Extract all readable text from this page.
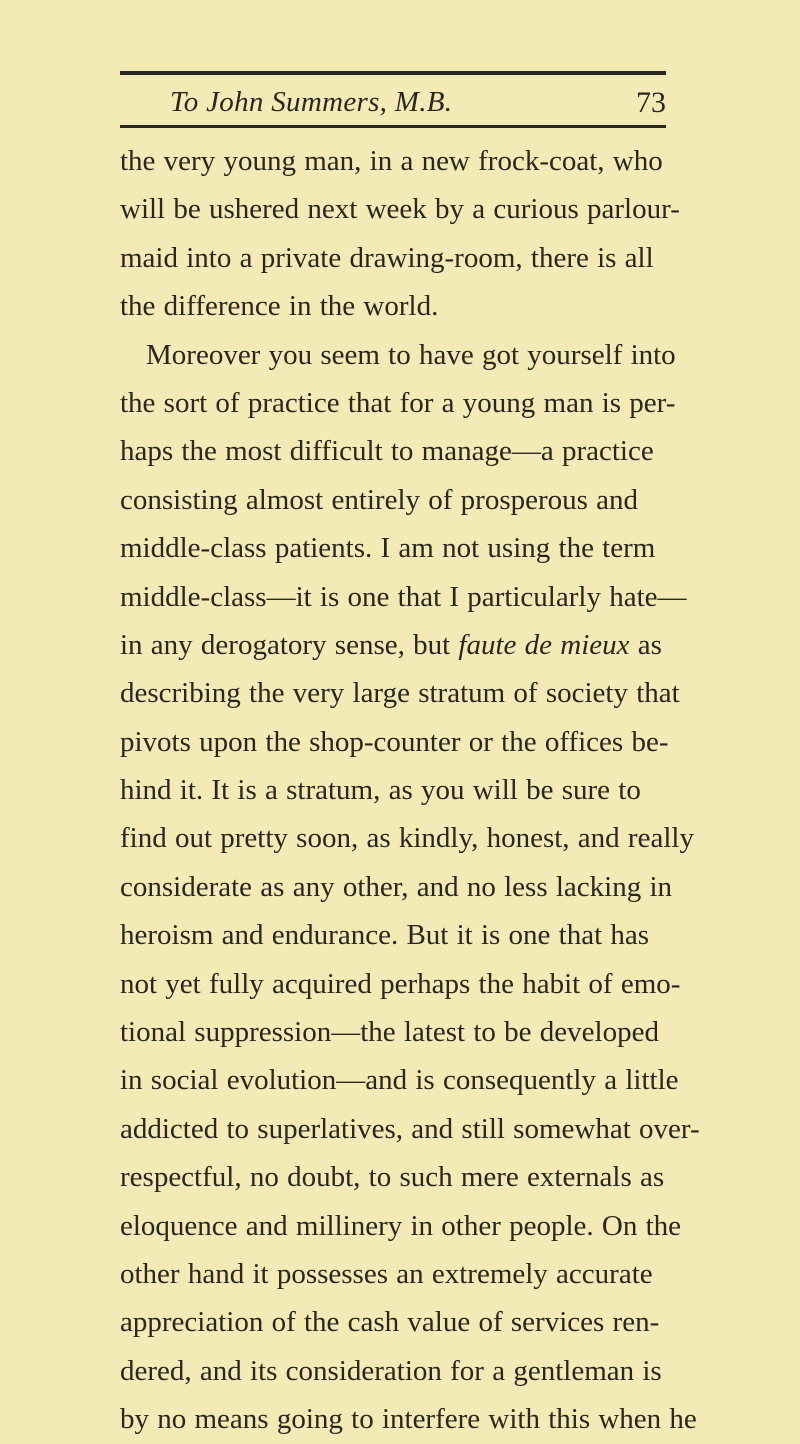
To John Summers, M.B.	73
the very young man, in a new frock-coat, who
will be ushered next week by a curious parlour-
maid into a private drawing-room, there is all
the difference in the world.
Moreover you seem to have got yourself into
the sort of practice that for a young man is per-
haps the most difficult to manage—a practice
consisting almost entirely of prosperous and
middle-class patients. I am not using the term
middle-class—it is one that I particularly hate—
in any derogatory sense, but faute de mieux as
describing the very large stratum of society that
pivots upon the shop-counter or the offices be-
hind it. It is a stratum, as you will be sure to
find out pretty soon, as kindly, honest, and really
considerate as any other, and no less lacking in
heroism and endurance. But it is one that has
not yet fully acquired perhaps the habit of emo-
tional suppression—the latest to be developed
in social evolution—and is consequently a little
addicted to superlatives, and still somewhat over-
respectful, no doubt, to such mere externals as
eloquence and millinery in other people. On the
other hand it possesses an extremely accurate
appreciation of the cash value of services ren-
dered, and its consideration for a gentleman is
by no means going to interfere with this when he
